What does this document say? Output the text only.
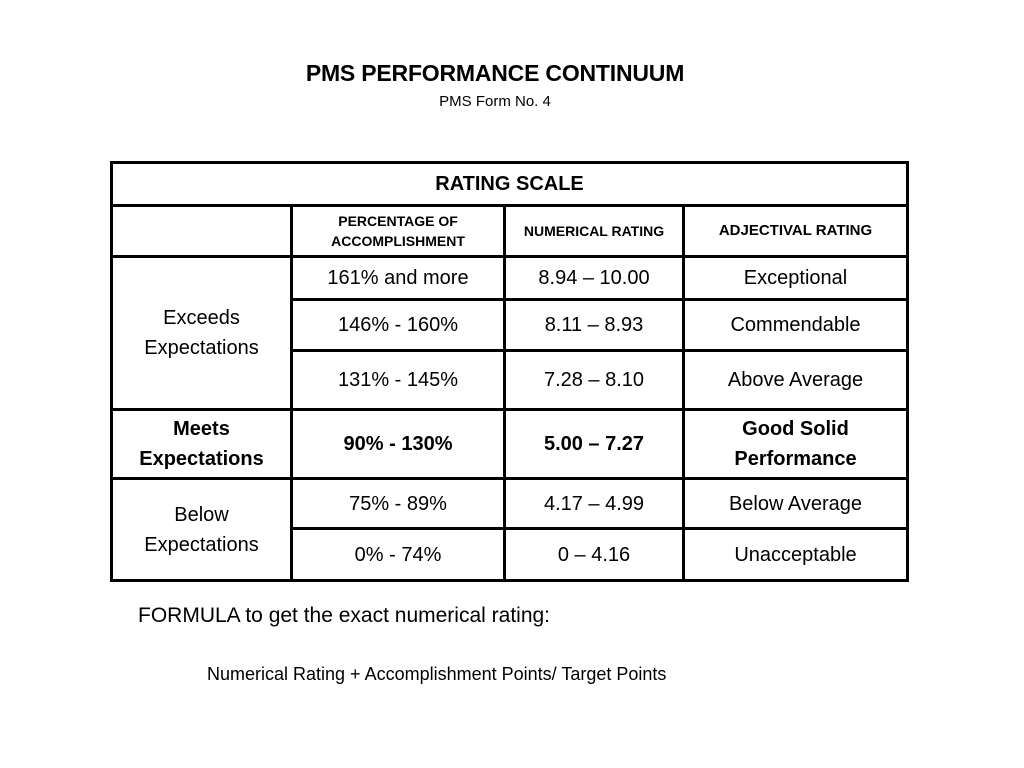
PMS PERFORMANCE CONTINUUM
PMS Form No. 4
RATING SCALE			
	PERCENTAGE OF ACCOMPLISHMENT	NUMERICAL RATING	ADJECTIVAL RATING
Exceeds Expectations	161% and more	8.94 – 10.00	Exceptional
	146% - 160%	8.11 – 8.93	Commendable
	131% - 145%	7.28 – 8.10	Above Average
Meets Expectations	90% - 130%	5.00 – 7.27	Good Solid Performance
Below Expectations	75% - 89%	4.17 – 4.99	Below Average
	0% - 74%	0 – 4.16	Unacceptable
FORMULA to get the exact numerical rating:
Numerical Rating + Accomplishment Points/ Target Points
